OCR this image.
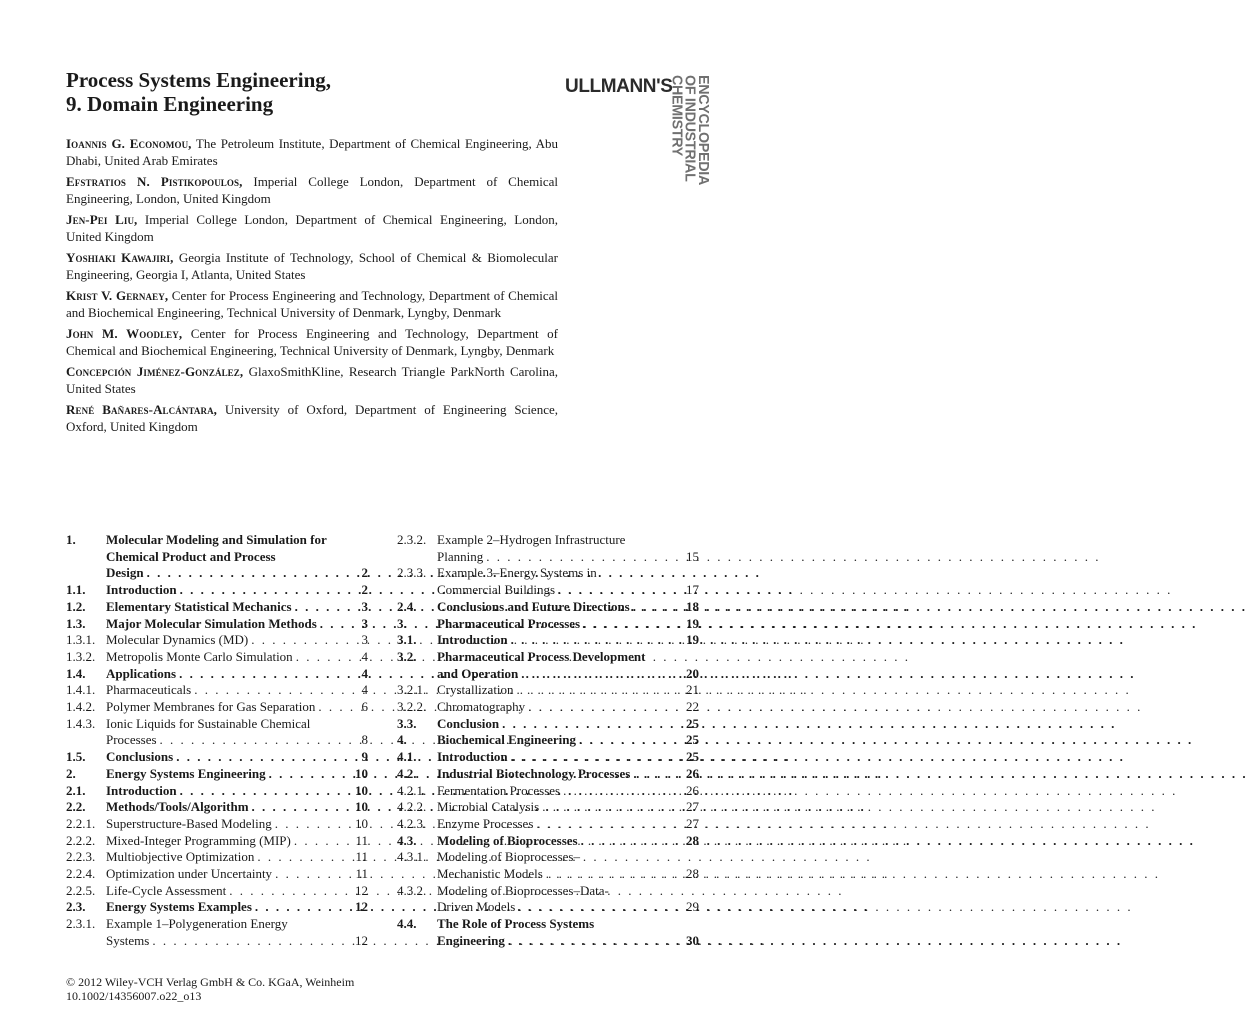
Process Systems Engineering,
9. Domain Engineering
ULLMANN'S ENCYCLOPEDIA
OF INDUSTRIAL
CHEMISTRY
Ioannis G. Economou, The Petroleum Institute, Department of Chemical Engineering, Abu Dhabi, United Arab Emirates
Efstratios N. Pistikopoulos, Imperial College London, Department of Chemical Engineering, London, United Kingdom
Jen-Pei Liu, Imperial College London, Department of Chemical Engineering, London, United Kingdom
Yoshiaki Kawajiri, Georgia Institute of Technology, School of Chemical & Biomolecular Engineering, Georgia I, Atlanta, United States
Krist V. Gernaey, Center for Process Engineering and Technology, Department of Chemical and Biochemical Engineering, Technical University of Denmark, Lyngby, Denmark
John M. Woodley, Center for Process Engineering and Technology, Department of Chemical and Biochemical Engineering, Technical University of Denmark, Lyngby, Denmark
Concepción Jiménez-González, GlaxoSmithKline, Research Triangle ParkNorth Carolina, United States
René Bañares-Alcántara, University of Oxford, Department of Engineering Science, Oxford, United Kingdom
1.	Molecular Modeling and Simulation for
Chemical Product and Process
Design . . .	2
1.1.	Introduction . . .	2
1.2.	Elementary Statistical Mechanics . . .	3
1.3.	Major Molecular Simulation Methods . . .	3
1.3.1. Molecular Dynamics (MD) . . .	3
1.3.2. Metropolis Monte Carlo Simulation . . .	4
1.4.	Applications . . .	4
1.4.1. Pharmaceuticals . . .	4
1.4.2. Polymer Membranes for Gas Separation . . .	6
1.4.3. Ionic Liquids for Sustainable Chemical
Processes . . .	8
1.5.	Conclusions . . .	9
2.	Energy Systems Engineering . . .	10
2.1.	Introduction . . .	10
2.2.	Methods/Tools/Algorithm . . .	10
2.2.1. Superstructure-Based Modeling . . .	10
2.2.2. Mixed-Integer Programming (MIP) . . .	11
2.2.3. Multiobjective Optimization . . .	11
2.2.4. Optimization under Uncertainty . . .	11
2.2.5. Life-Cycle Assessment . . .	12
2.3.	Energy Systems Examples . . .	12
2.3.1. Example 1–Polygeneration Energy
Systems . . .	12
2.3.2. Example 2–Hydrogen Infrastructure
Planning . . .	15
2.3.3. Example 3–Energy Systems in
Commercial Buildings . . .	17
2.4.	Conclusions and Future Directions . . .	18
3.	Pharmaceutical Processes . . .	19
3.1.	Introduction . . .	19
3.2.	Pharmaceutical Process Development
and Operation . . .	20
3.2.1. Crystallization . . .	21
3.2.2. Chromatography . . .	22
3.3.	Conclusion . . .	25
4.	Biochemical Engineering . . .	25
4.1.	Introduction . . .	25
4.2.	Industrial Biotechnology Processes . . .	26
4.2.1. Fermentation Processes . . .	26
4.2.2. Microbial Catalysis . . .	27
4.2.3. Enzyme Processes . . .	27
4.3.	Modeling of Bioprocesses . . .	28
4.3.1. Modeling of Bioprocesses–
Mechanistic Models . . .	28
4.3.2. Modeling of Bioprocesses–Data-
Driven Models . . .	29
4.4.	The Role of Process Systems
Engineering . . .	30
© 2012 Wiley-VCH Verlag GmbH & Co. KGaA, Weinheim
10.1002/14356007.o22_o13
